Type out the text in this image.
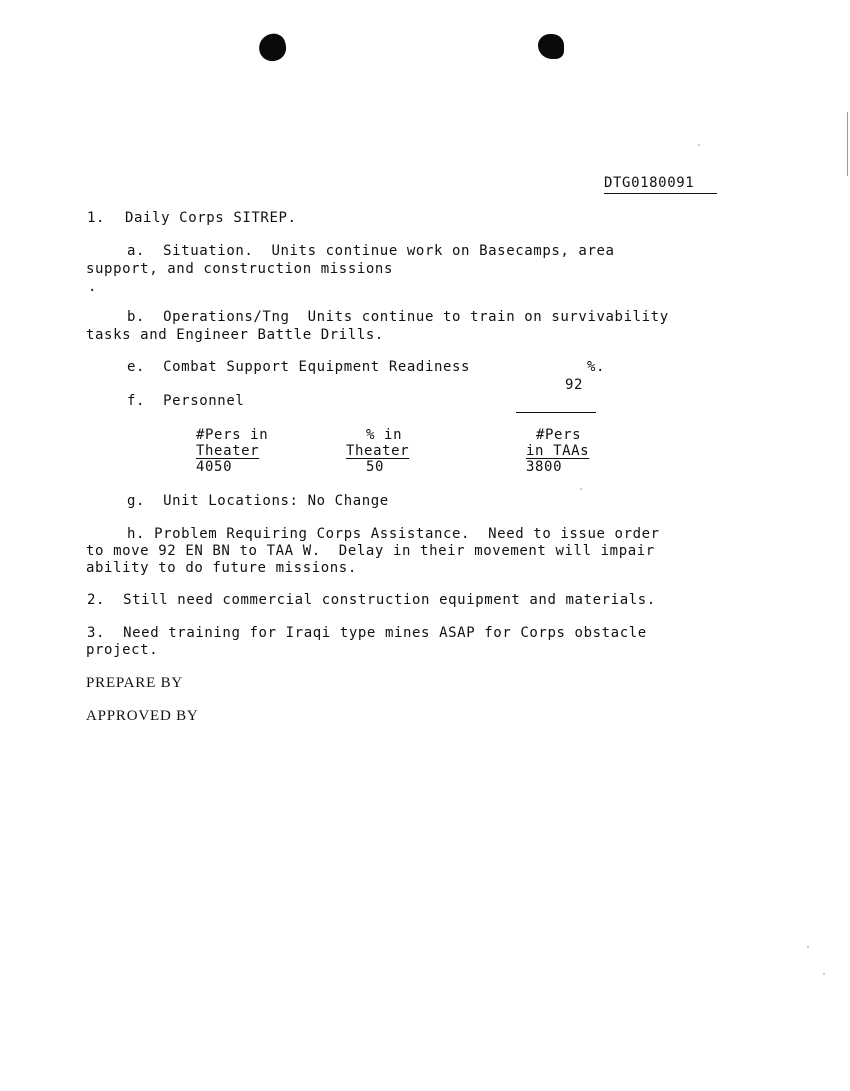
DTG0180091
1. Daily Corps SITREP.
a.  Situation.  Units continue work on Basecamps, area
support, and construction missions
.
b.  Operations/Tng  Units continue to train on survivability
tasks and Engineer Battle Drills.
e.  Combat Support Equipment Readiness

92

%.
f.  Personnel
#Pers in
Theater
4050
% in
Theater
50
#Pers
in TAAs
3800
g.  Unit Locations: No Change
h. Problem Requiring Corps Assistance.  Need to issue order
to move 92 EN BN to TAA W.  Delay in their movement will impair
ability to do future missions.
2.  Still need commercial construction equipment and materials.
3.  Need training for Iraqi type mines ASAP for Corps obstacle
project.
PREPARE BY
APPROVED BY
